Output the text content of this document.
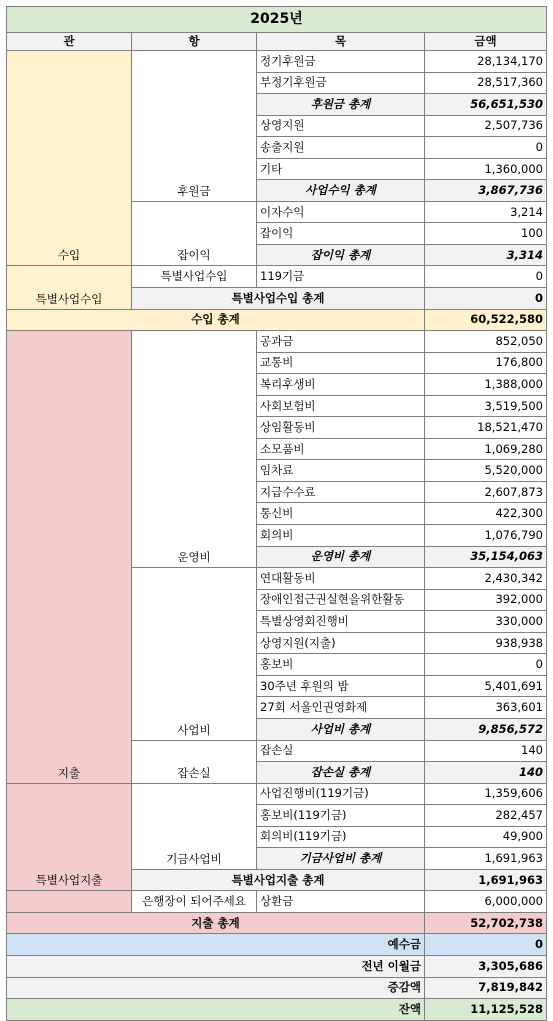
2025년			
관	항	목	금액
수입	후원금	정기후원금	28,134,170
		부정기후원금	28,517,360
		후원금 총계	56,651,530
		상영지원	2,507,736
		송출지원	0
		기타	1,360,000
		사업수익 총계	3,867,736
	잡이익	이자수익	3,214
		잡이익	100
		잡이익 총계	3,314
특별사업수입	특별사업수입	119기금	0
	특별사업수입 총계		0
수입 총계			60,522,580
지출	운영비	공과금	852,050
		교통비	176,800
		복리후생비	1,388,000
		사회보험비	3,519,500
		상임활동비	18,521,470
		소모품비	1,069,280
		임차료	5,520,000
		지급수수료	2,607,873
		통신비	422,300
		회의비	1,076,790
		운영비 총계	35,154,063
	사업비	연대활동비	2,430,342
		장애인접근권실현을위한활동	392,000
		특별상영회진행비	330,000
		상영지원(지출)	938,938
		홍보비	0
		30주년 후원의 밤	5,401,691
		27회 서울인권영화제	363,601
		사업비 총계	9,856,572
	잡손실	잡손실	140
		잡손실 총계	140
특별사업지출	기금사업비	사업진행비(119기금)	1,359,606
		홍보비(119기금)	282,457
		회의비(119기금)	49,900
		기금사업비 총계	1,691,963
	특별사업지출 총계		1,691,963
	은행장이 되어주세요	상환금	6,000,000
지출 총계			52,702,738
예수금			0
전년 이월금			3,305,686
증감액			7,819,842
잔액			11,125,528
